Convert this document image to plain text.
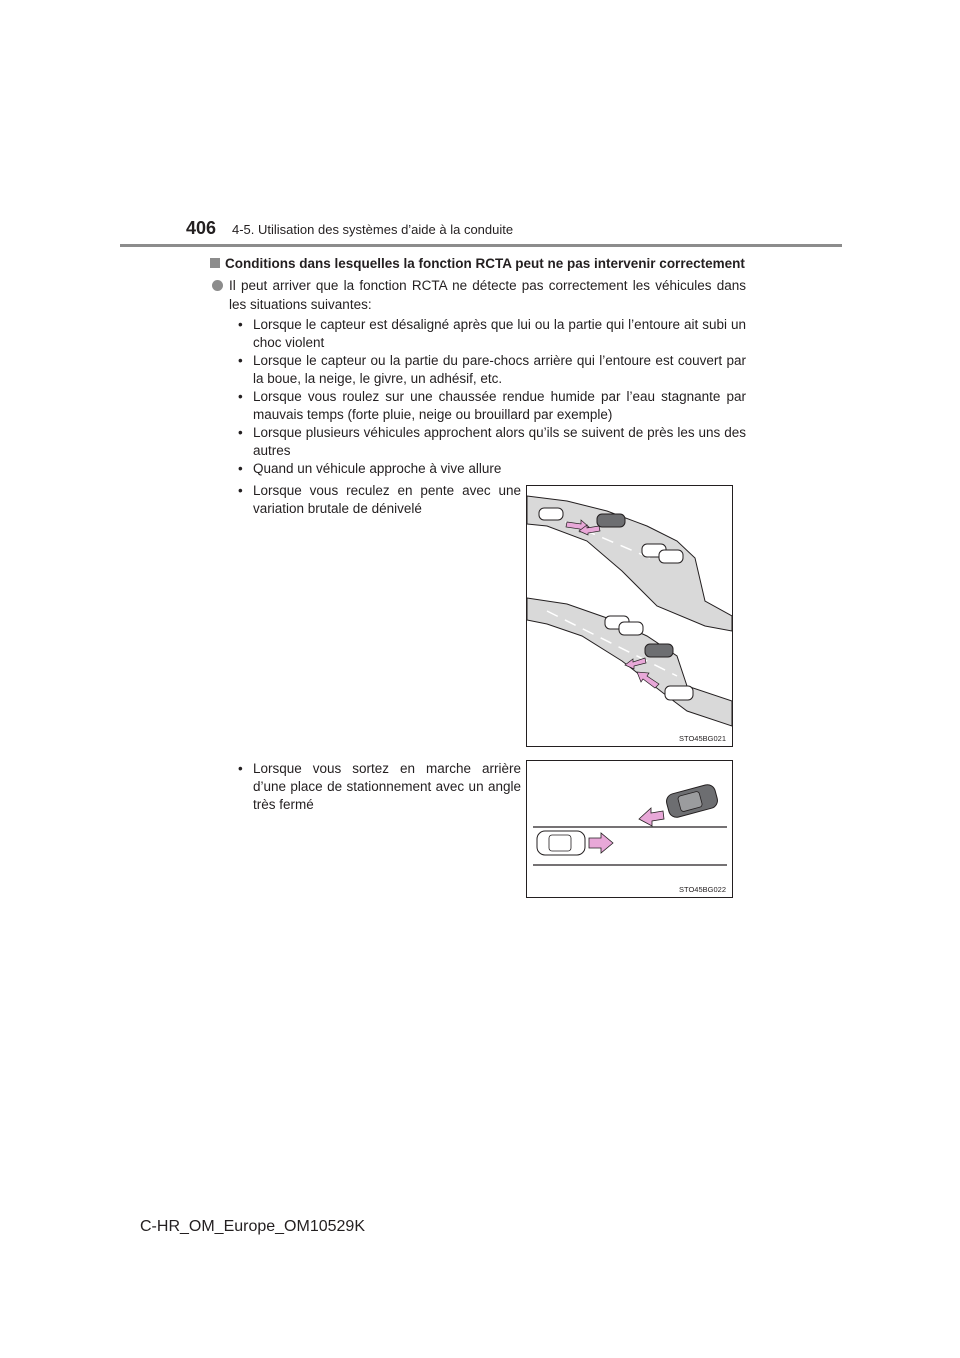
406 4-5. Utilisation des systèmes d’aide à la conduite
Conditions dans lesquelles la fonction RCTA peut ne pas intervenir correctement
Il peut arriver que la fonction RCTA ne détecte pas correctement les véhicules dans les situations suivantes:
• Lorsque le capteur est désaligné après que lui ou la partie qui l’entoure ait subi un choc violent
• Lorsque le capteur ou la partie du pare-chocs arrière qui l’entoure est couvert par la boue, la neige, le givre, un adhésif, etc.
• Lorsque vous roulez sur une chaussée rendue humide par l’eau stagnante par mauvais temps (forte pluie, neige ou brouillard par exemple)
• Lorsque plusieurs véhicules approchent alors qu’ils se suivent de près les uns des autres
• Quand un véhicule approche à vive allure
• Lorsque vous reculez en pente avec une variation brutale de dénivelé
STO45BG021
• Lorsque vous sortez en marche arrière d’une place de stationnement avec un angle très fermé
STO45BG022
C-HR_OM_Europe_OM10529K
